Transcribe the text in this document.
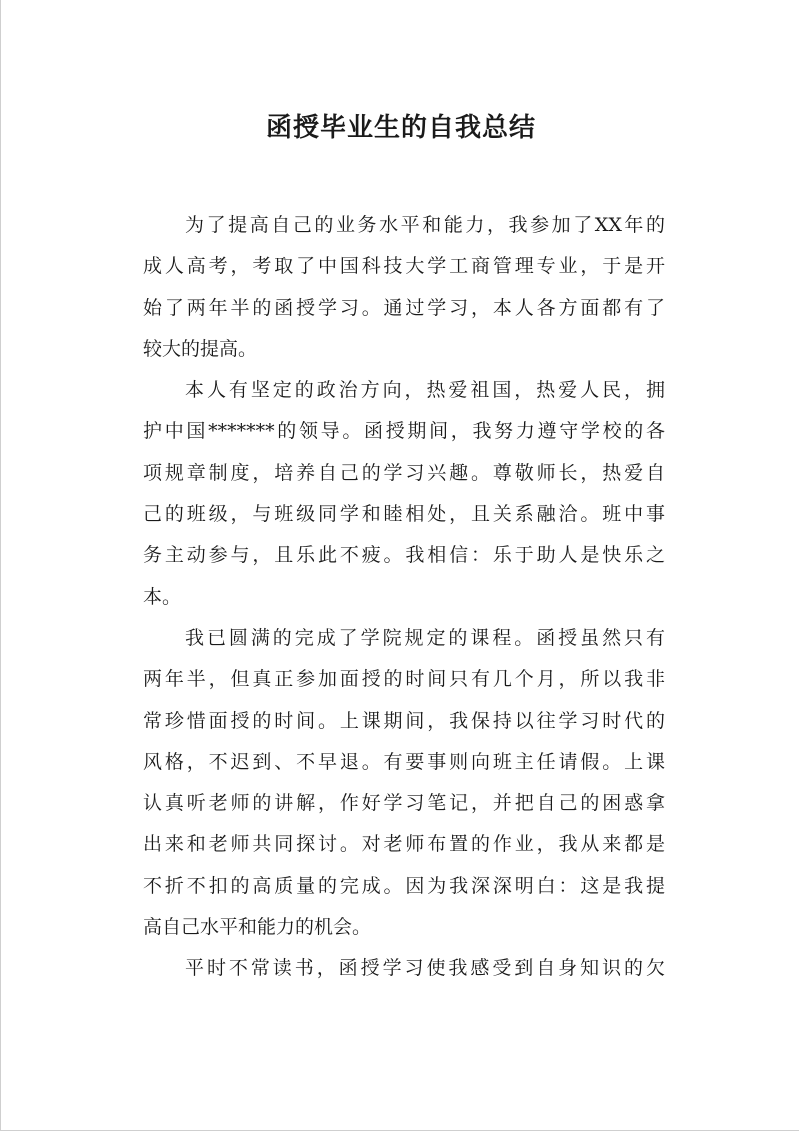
函授毕业生的自我总结
为了提高自己的业务水平和能力，我参加了XX年的
成人高考，考取了中国科技大学工商管理专业，于是开
始了两年半的函授学习。通过学习，本人各方面都有了
较大的提高。
本人有坚定的政治方向，热爱祖国，热爱人民，拥
护中国*******的领导。函授期间，我努力遵守学校的各
项规章制度，培养自己的学习兴趣。尊敬师长，热爱自
己的班级，与班级同学和睦相处，且关系融洽。班中事
务主动参与，且乐此不疲。我相信：乐于助人是快乐之
本。
我已圆满的完成了学院规定的课程。函授虽然只有
两年半，但真正参加面授的时间只有几个月，所以我非
常珍惜面授的时间。上课期间，我保持以往学习时代的
风格，不迟到、不早退。有要事则向班主任请假。上课
认真听老师的讲解，作好学习笔记，并把自己的困惑拿
出来和老师共同探讨。对老师布置的作业，我从来都是
不折不扣的高质量的完成。因为我深深明白：这是我提
高自己水平和能力的机会。
平时不常读书，函授学习使我感受到自身知识的欠
